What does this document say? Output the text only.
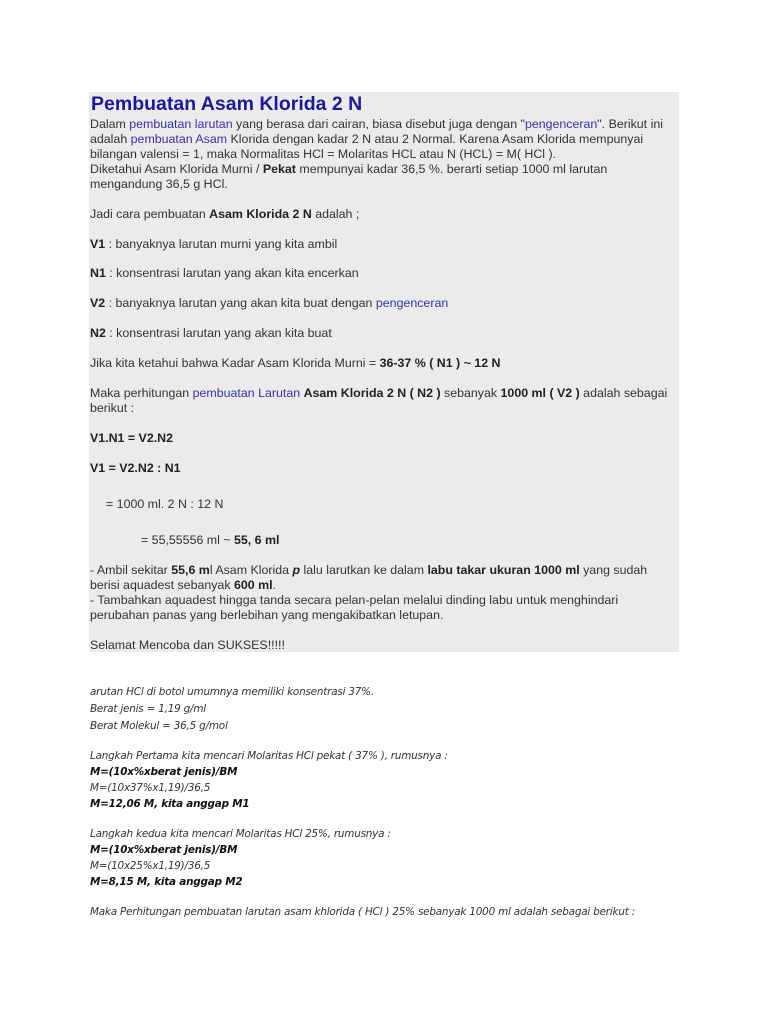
Pembuatan Asam Klorida 2 N
Dalam pembuatan larutan yang berasa dari cairan, biasa disebut juga dengan "pengenceran". Berikut ini
adalah pembuatan Asam Klorida dengan kadar 2 N atau 2 Normal. Karena Asam Klorida mempunyai
bilangan valensi = 1, maka Normalitas HCl = Molaritas HCL atau N (HCL) = M( HCl ).
Diketahui Asam Klorida Murni / Pekat mempunyai kadar 36,5 %. berarti setiap 1000 ml larutan
mengandung 36,5 g HCl.
Jadi cara pembuatan Asam Klorida 2 N adalah ;
V1 : banyaknya larutan murni yang kita ambil
N1 : konsentrasi larutan yang akan kita encerkan
V2 : banyaknya larutan yang akan kita buat dengan pengenceran
N2 : konsentrasi larutan yang akan kita buat
Jika kita ketahui bahwa Kadar Asam Klorida Murni = 36-37 % ( N1 ) ~ 12 N
Maka perhitungan pembuatan Larutan Asam Klorida 2 N ( N2 ) sebanyak 1000 ml ( V2 ) adalah sebagai
berikut :
V1.N1 = V2.N2
V1 = V2.N2 : N1
= 1000 ml. 2 N : 12 N
= 55,55556 ml ~ 55, 6 ml
- Ambil sekitar 55,6 ml Asam Klorida p lalu larutkan ke dalam labu takar ukuran 1000 ml yang sudah
berisi aquadest sebanyak 600 ml.
- Tambahkan aquadest hingga tanda secara pelan-pelan melalui dinding labu untuk menghindari
perubahan panas yang berlebihan yang mengakibatkan letupan.
Selamat Mencoba dan SUKSES!!!!!
arutan HCl di botol umumnya memiliki konsentrasi 37%.
Berat jenis = 1,19 g/ml
Berat Molekul = 36,5 g/mol
Langkah Pertama kita mencari Molaritas HCl pekat ( 37% ), rumusnya :
M=(10x%xberat jenis)/BM
M=(10x37%x1,19)/36,5
M=12,06 M, kita anggap M1
Langkah kedua kita mencari Molaritas HCl 25%, rumusnya :
M=(10x%xberat jenis)/BM
M=(10x25%x1,19)/36,5
M=8,15 M, kita anggap M2
Maka Perhitungan pembuatan larutan asam khlorida ( HCl ) 25% sebanyak 1000 ml adalah sebagai berikut :
